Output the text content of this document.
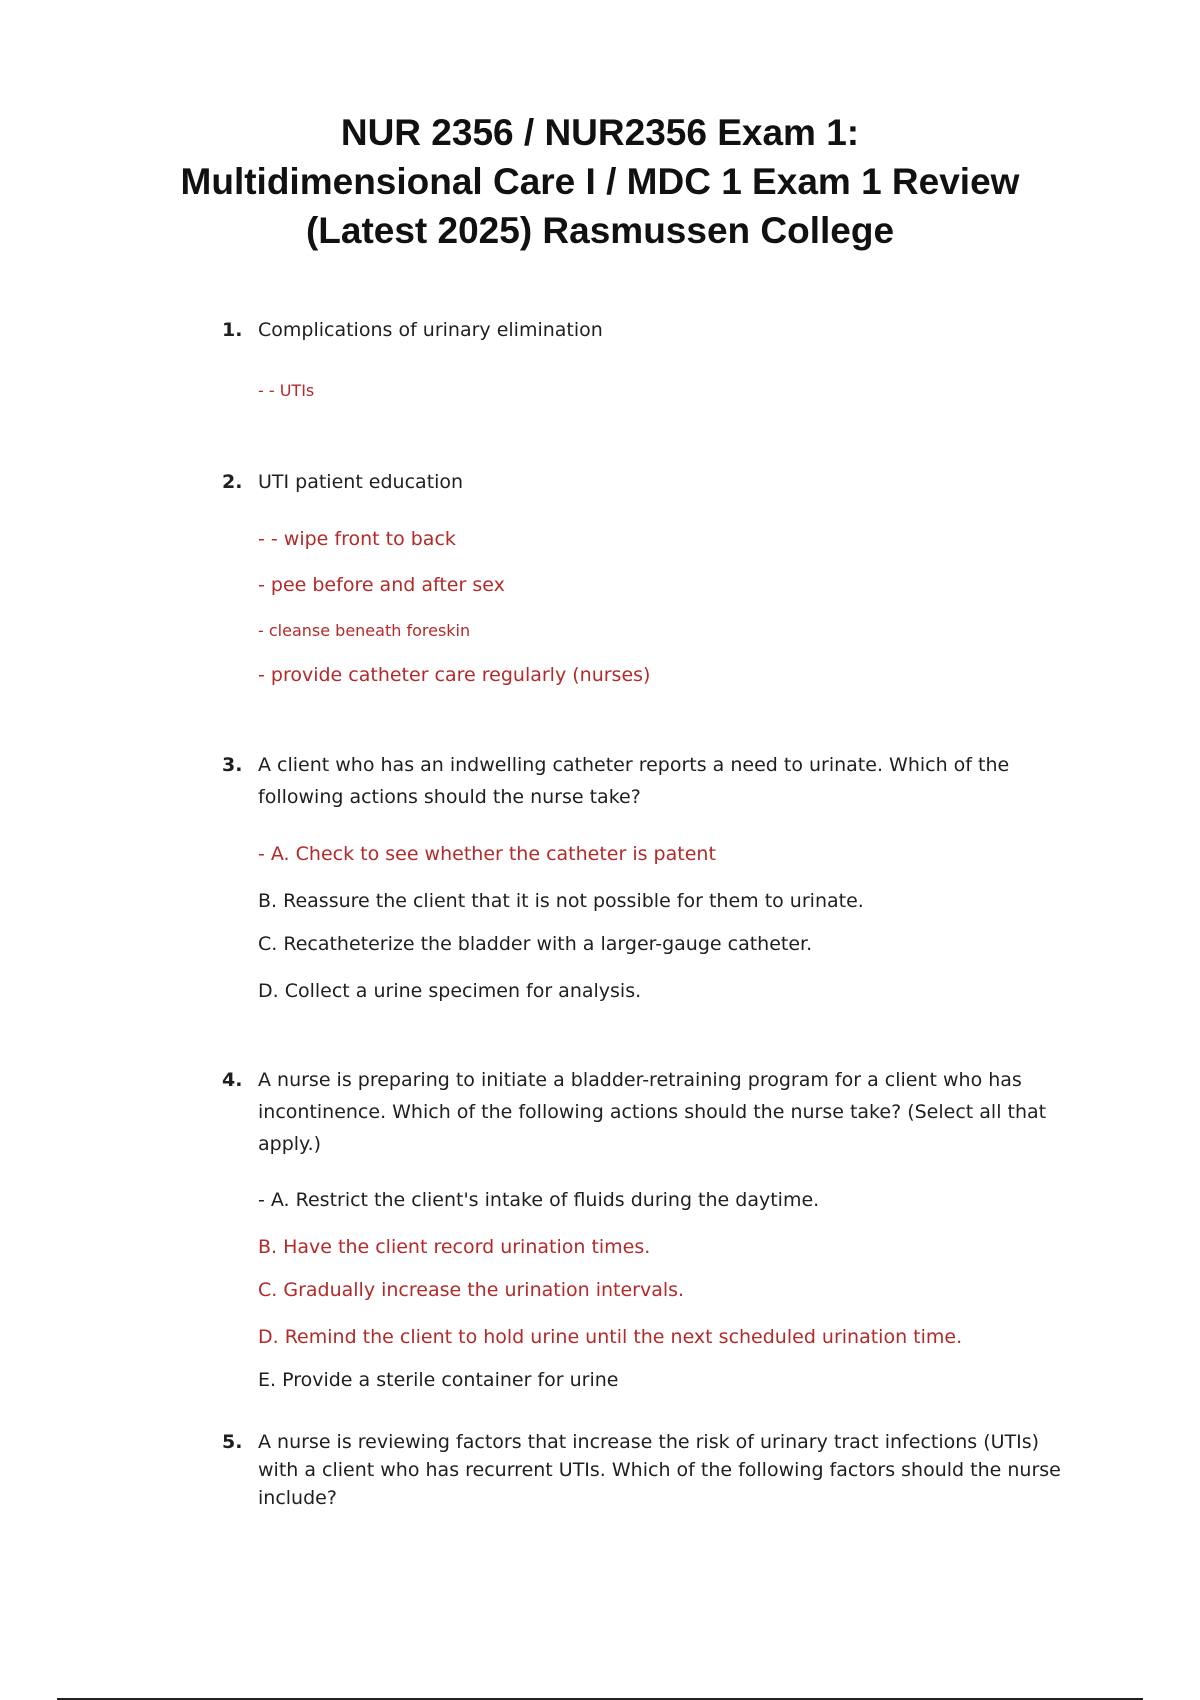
NUR 2356 / NUR2356 Exam 1:
Multidimensional Care I / MDC 1 Exam 1 Review
(Latest 2025) Rasmussen College
1. Complications of urinary elimination
- - UTIs
2. UTI patient education
- - wipe front to back
- pee before and after sex
- cleanse beneath foreskin
- provide catheter care regularly (nurses)
3. A client who has an indwelling catheter reports a need to urinate. Which of the following actions should the nurse take?
- A. Check to see whether the catheter is patent
B. Reassure the client that it is not possible for them to urinate.
C. Recatheterize the bladder with a larger-gauge catheter.
D. Collect a urine specimen for analysis.
4. A nurse is preparing to initiate a bladder-retraining program for a client who has incontinence. Which of the following actions should the nurse take? (Select all that apply.)
- A. Restrict the client's intake of fluids during the daytime.
B. Have the client record urination times.
C. Gradually increase the urination intervals.
D. Remind the client to hold urine until the next scheduled urination time.
E. Provide a sterile container for urine
5. A nurse is reviewing factors that increase the risk of urinary tract infections (UTIs) with a client who has recurrent UTIs. Which of the following factors should the nurse include?
